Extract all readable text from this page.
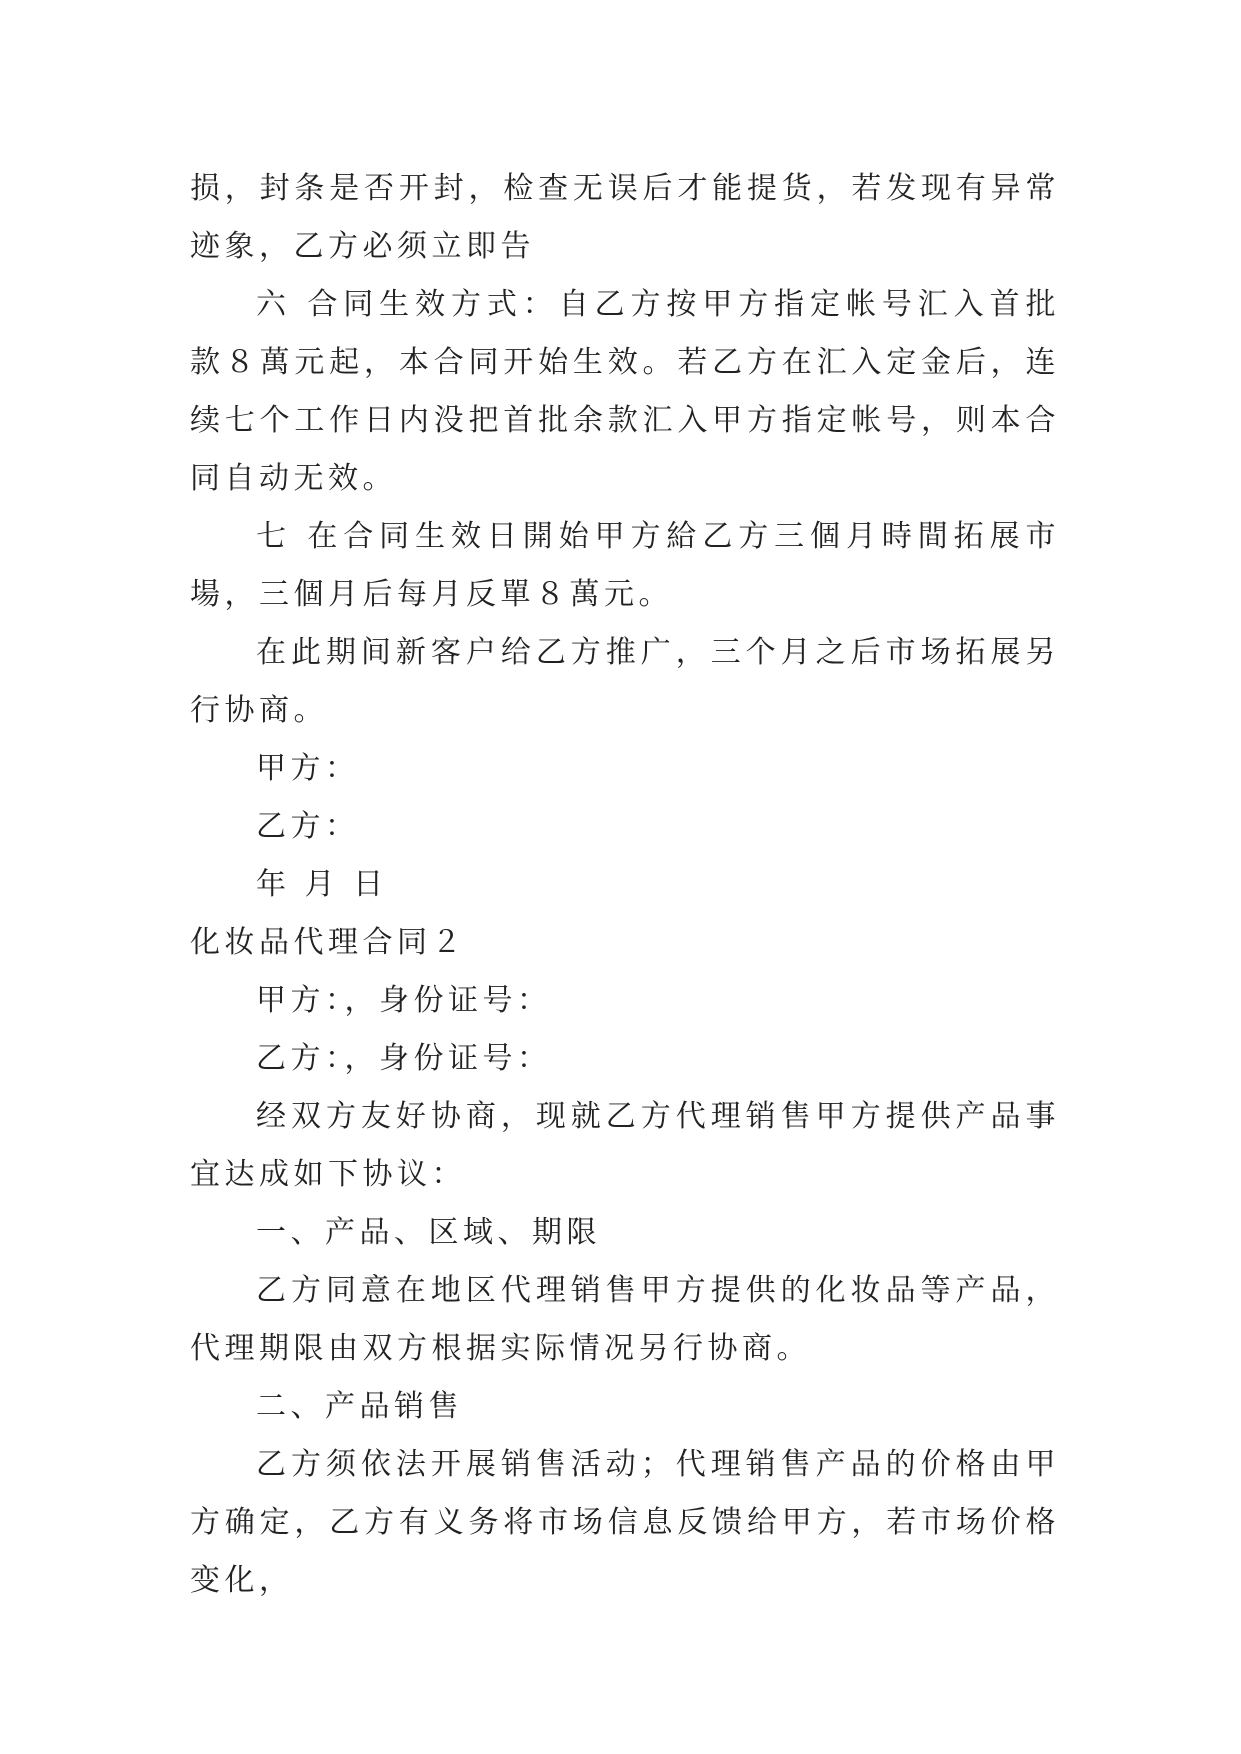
损，封条是否开封，检查无误后才能提货，若发现有异常迹象，乙方必须立即告

六 合同生效方式：自乙方按甲方指定帐号汇入首批款８萬元起，本合同开始生效。若乙方在汇入定金后，连续七个工作日内没把首批余款汇入甲方指定帐号，则本合同自动无效。

七 在合同生效日開始甲方給乙方三個月時間拓展市場，三個月后每月反單８萬元。

在此期间新客户给乙方推广，三个月之后市场拓展另行协商。

甲方：

乙方：

年 月 日

化妆品代理合同２

甲方：，身份证号：

乙方：，身份证号：

经双方友好协商，现就乙方代理销售甲方提供产品事宜达成如下协议：

一、产品、区域、期限

乙方同意在地区代理销售甲方提供的化妆品等产品，代理期限由双方根据实际情况另行协商。

二、产品销售

乙方须依法开展销售活动；代理销售产品的价格由甲方确定，乙方有义务将市场信息反馈给甲方，若市场价格变化，
